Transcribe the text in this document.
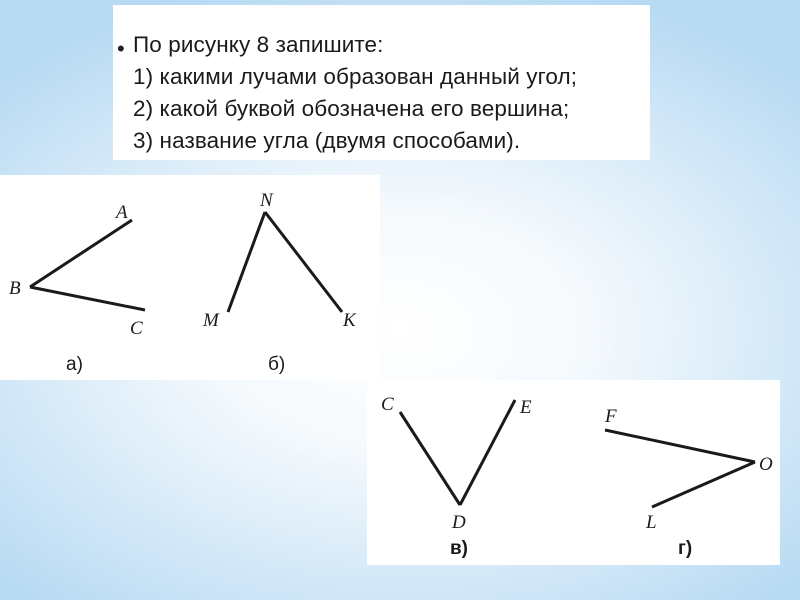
• По рисунку 8 запишите:
1) какими лучами образован данный угол;
2) какой буквой обозначена его вершина;
3) название угла (двумя способами).
A
B
C
а)
N
M	K
б)
C	E
D
в)
F
O
L
г)
